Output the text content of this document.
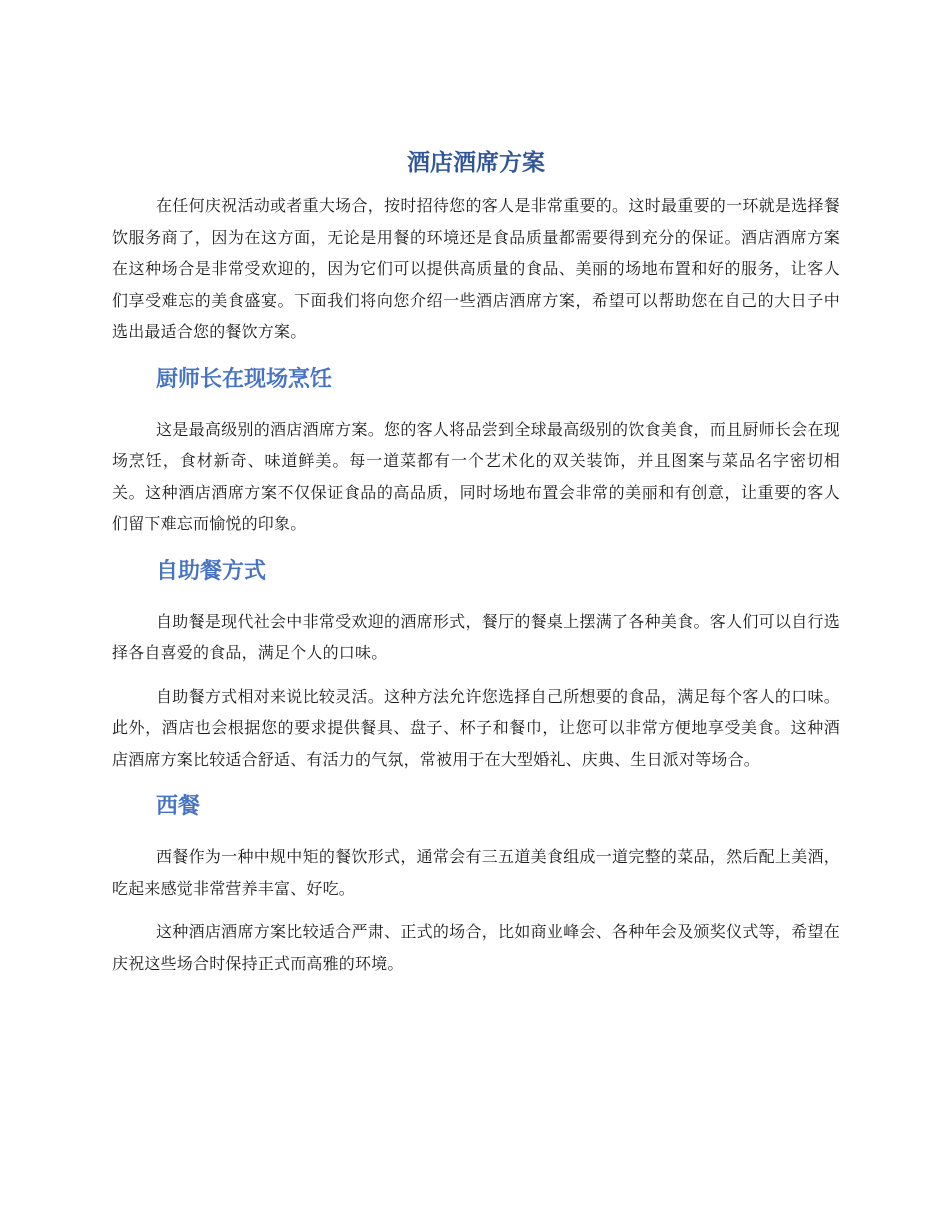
酒店酒席方案

在任何庆祝活动或者重大场合，按时招待您的客人是非常重要的。这时最重要的一环就是选择餐饮服务商了，因为在这方面，无论是用餐的环境还是食品质量都需要得到充分的保证。酒店酒席方案在这种场合是非常受欢迎的，因为它们可以提供高质量的食品、美丽的场地布置和好的服务，让客人们享受难忘的美食盛宴。下面我们将向您介绍一些酒店酒席方案，希望可以帮助您在自己的大日子中选出最适合您的餐饮方案。

厨师长在现场烹饪

这是最高级别的酒店酒席方案。您的客人将品尝到全球最高级别的饮食美食，而且厨师长会在现场烹饪，食材新奇、味道鲜美。每一道菜都有一个艺术化的双关装饰，并且图案与菜品名字密切相关。这种酒店酒席方案不仅保证食品的高品质，同时场地布置会非常的美丽和有创意，让重要的客人们留下难忘而愉悦的印象。

自助餐方式

自助餐是现代社会中非常受欢迎的酒席形式，餐厅的餐桌上摆满了各种美食。客人们可以自行选择各自喜爱的食品，满足个人的口味。

自助餐方式相对来说比较灵活。这种方法允许您选择自己所想要的食品，满足每个客人的口味。此外，酒店也会根据您的要求提供餐具、盘子、杯子和餐巾，让您可以非常方便地享受美食。这种酒店酒席方案比较适合舒适、有活力的气氛，常被用于在大型婚礼、庆典、生日派对等场合。

西餐

西餐作为一种中规中矩的餐饮形式，通常会有三五道美食组成一道完整的菜品，然后配上美酒，吃起来感觉非常营养丰富、好吃。

这种酒店酒席方案比较适合严肃、正式的场合，比如商业峰会、各种年会及颁奖仪式等，希望在庆祝这些场合时保持正式而高雅的环境。
